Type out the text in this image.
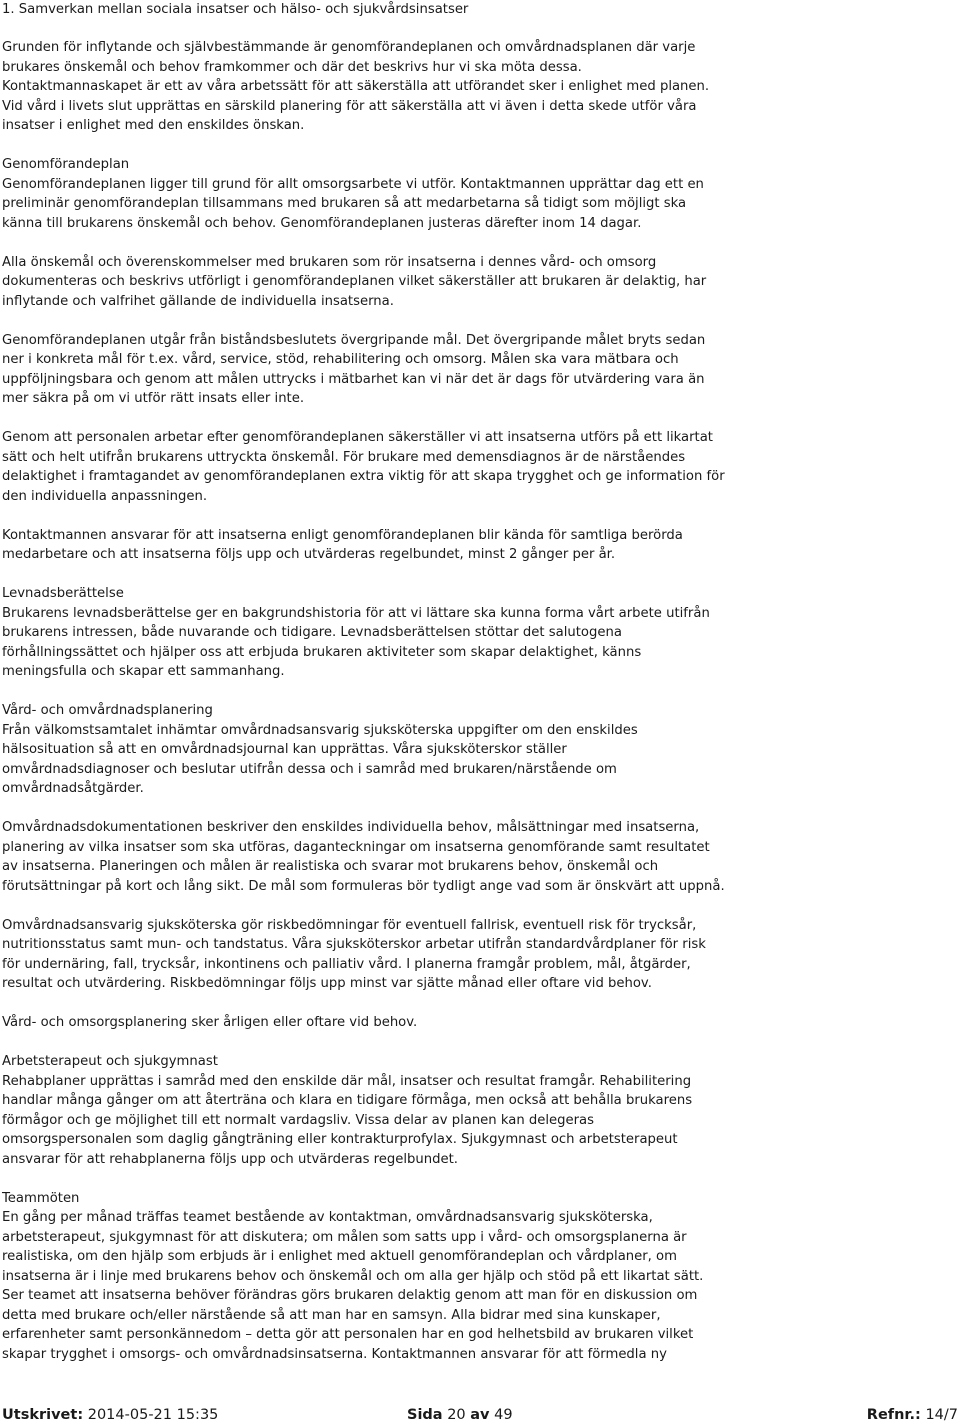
1. Samverkan mellan sociala insatser och hälso- och sjukvårdsinsatser
Grunden för inflytande och självbestämmande är genomförandeplanen och omvårdnadsplanen där varje
brukares önskemål och behov framkommer och där det beskrivs hur vi ska möta dessa.
Kontaktmannaskapet är ett av våra arbetssätt för att säkerställa att utförandet sker i enlighet med planen.
Vid vård i livets slut upprättas en särskild planering för att säkerställa att vi även i detta skede utför våra
insatser i enlighet med den enskildes önskan.
Genomförandeplan
Genomförandeplanen ligger till grund för allt omsorgsarbete vi utför. Kontaktmannen upprättar dag ett en
preliminär genomförandeplan tillsammans med brukaren så att medarbetarna så tidigt som möjligt ska
känna till brukarens önskemål och behov. Genomförandeplanen justeras därefter inom 14 dagar.
Alla önskemål och överenskommelser med brukaren som rör insatserna i dennes vård- och omsorg
dokumenteras och beskrivs utförligt i genomförandeplanen vilket säkerställer att brukaren är delaktig, har
inflytande och valfrihet gällande de individuella insatserna.
Genomförandeplanen utgår från biståndsbeslutets övergripande mål. Det övergripande målet bryts sedan
ner i konkreta mål för t.ex. vård, service, stöd, rehabilitering och omsorg. Målen ska vara mätbara och
uppföljningsbara och genom att målen uttrycks i mätbarhet kan vi när det är dags för utvärdering vara än
mer säkra på om vi utför rätt insats eller inte.
Genom att personalen arbetar efter genomförandeplanen säkerställer vi att insatserna utförs på ett likartat
sätt och helt utifrån brukarens uttryckta önskemål. För brukare med demensdiagnos är de närståendes
delaktighet i framtagandet av genomförandeplanen extra viktig för att skapa trygghet och ge information för
den individuella anpassningen.
Kontaktmannen ansvarar för att insatserna enligt genomförandeplanen blir kända för samtliga berörda
medarbetare och att insatserna följs upp och utvärderas regelbundet, minst 2 gånger per år.
Levnadsberättelse
Brukarens levnadsberättelse ger en bakgrundshistoria för att vi lättare ska kunna forma vårt arbete utifrån
brukarens intressen, både nuvarande och tidigare. Levnadsberättelsen stöttar det salutogena
förhållningssättet och hjälper oss att erbjuda brukaren aktiviteter som skapar delaktighet, känns
meningsfulla och skapar ett sammanhang.
Vård- och omvårdnadsplanering
Från välkomstsamtalet inhämtar omvårdnadsansvarig sjuksköterska uppgifter om den enskildes
hälsosituation så att en omvårdnadsjournal kan upprättas. Våra sjuksköterskor ställer
omvårdnadsdiagnoser och beslutar utifrån dessa och i samråd med brukaren/närstående om
omvårdnadsåtgärder.
Omvårdnadsdokumentationen beskriver den enskildes individuella behov, målsättningar med insatserna,
planering av vilka insatser som ska utföras, daganteckningar om insatserna genomförande samt resultatet
av insatserna. Planeringen och målen är realistiska och svarar mot brukarens behov, önskemål och
förutsättningar på kort och lång sikt. De mål som formuleras bör tydligt ange vad som är önskvärt att uppnå.
Omvårdnadsansvarig sjuksköterska gör riskbedömningar för eventuell fallrisk, eventuell risk för trycksår,
nutritionsstatus samt mun- och tandstatus. Våra sjuksköterskor arbetar utifrån standardvårdplaner för risk
för undernäring, fall, trycksår, inkontinens och palliativ vård. I planerna framgår problem, mål, åtgärder,
resultat och utvärdering. Riskbedömningar följs upp minst var sjätte månad eller oftare vid behov.
Vård- och omsorgsplanering sker årligen eller oftare vid behov.
Arbetsterapeut och sjukgymnast
Rehabplaner upprättas i samråd med den enskilde där mål, insatser och resultat framgår. Rehabilitering
handlar många gånger om att återträna och klara en tidigare förmåga, men också att behålla brukarens
förmågor och ge möjlighet till ett normalt vardagsliv. Vissa delar av planen kan delegeras
omsorgspersonalen som daglig gångträning eller kontrakturprofylax. Sjukgymnast och arbetsterapeut
ansvarar för att rehabplanerna följs upp och utvärderas regelbundet.
Teammöten
En gång per månad träffas teamet bestående av kontaktman, omvårdnadsansvarig sjuksköterska,
arbetsterapeut, sjukgymnast för att diskutera; om målen som satts upp i vård- och omsorgsplanerna är
realistiska, om den hjälp som erbjuds är i enlighet med aktuell genomförandeplan och vårdplaner, om
insatserna är i linje med brukarens behov och önskemål och om alla ger hjälp och stöd på ett likartat sätt.
Ser teamet att insatserna behöver förändras görs brukaren delaktig genom att man för en diskussion om
detta med brukare och/eller närstående så att man har en samsyn. Alla bidrar med sina kunskaper,
erfarenheter samt personkännedom – detta gör att personalen har en god helhetsbild av brukaren vilket
skapar trygghet i omsorgs- och omvårdnadsinsatserna. Kontaktmannen ansvarar för att förmedla ny
Utskrivet: 2014-05-21 15:35	Sida 20 av 49	Refnr.: 14/7
